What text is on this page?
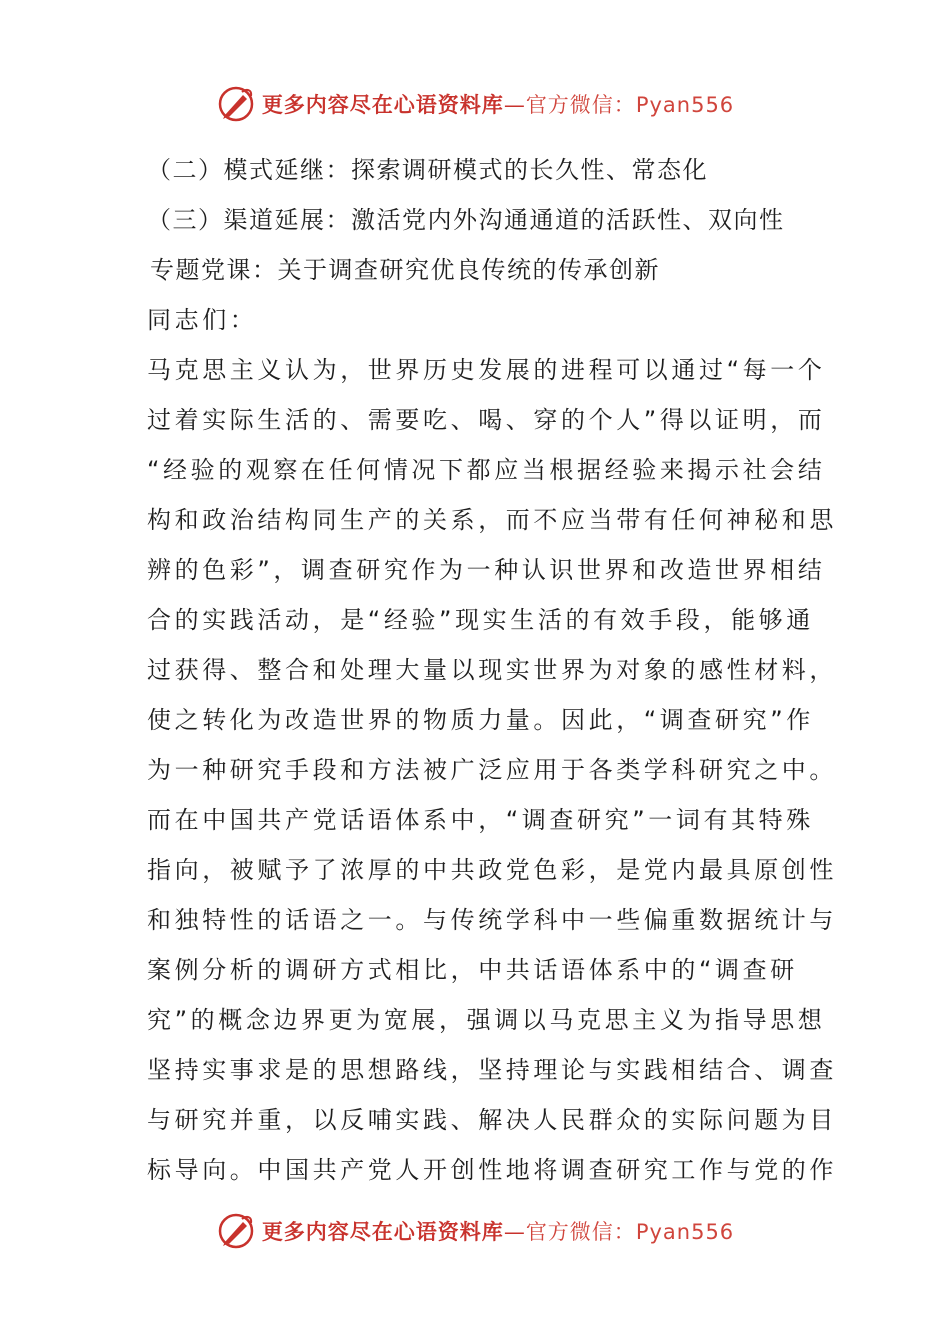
更多内容尽在心语资料库—官方微信：Pyan556
（二）模式延继：探索调研模式的长久性、常态化
（三）渠道延展：激活党内外沟通通道的活跃性、双向性
专题党课：关于调查研究优良传统的传承创新
同志们：
马克思主义认为，世界历史发展的进程可以通过“每一个
过着实际生活的、需要吃、喝、穿的个人”得以证明，而
“经验的观察在任何情况下都应当根据经验来揭示社会结
构和政治结构同生产的关系，而不应当带有任何神秘和思
辨的色彩”，调查研究作为一种认识世界和改造世界相结
合的实践活动，是“经验”现实生活的有效手段，能够通
过获得、整合和处理大量以现实世界为对象的感性材料，
使之转化为改造世界的物质力量。因此，“调查研究”作
为一种研究手段和方法被广泛应用于各类学科研究之中。
而在中国共产党话语体系中，“调查研究”一词有其特殊
指向，被赋予了浓厚的中共政党色彩，是党内最具原创性
和独特性的话语之一。与传统学科中一些偏重数据统计与
案例分析的调研方式相比，中共话语体系中的“调查研
究”的概念边界更为宽展，强调以马克思主义为指导思想
坚持实事求是的思想路线，坚持理论与实践相结合、调查
与研究并重，以反哺实践、解决人民群众的实际问题为目
标导向。中国共产党人开创性地将调查研究工作与党的作
更多内容尽在心语资料库—官方微信：Pyan556
